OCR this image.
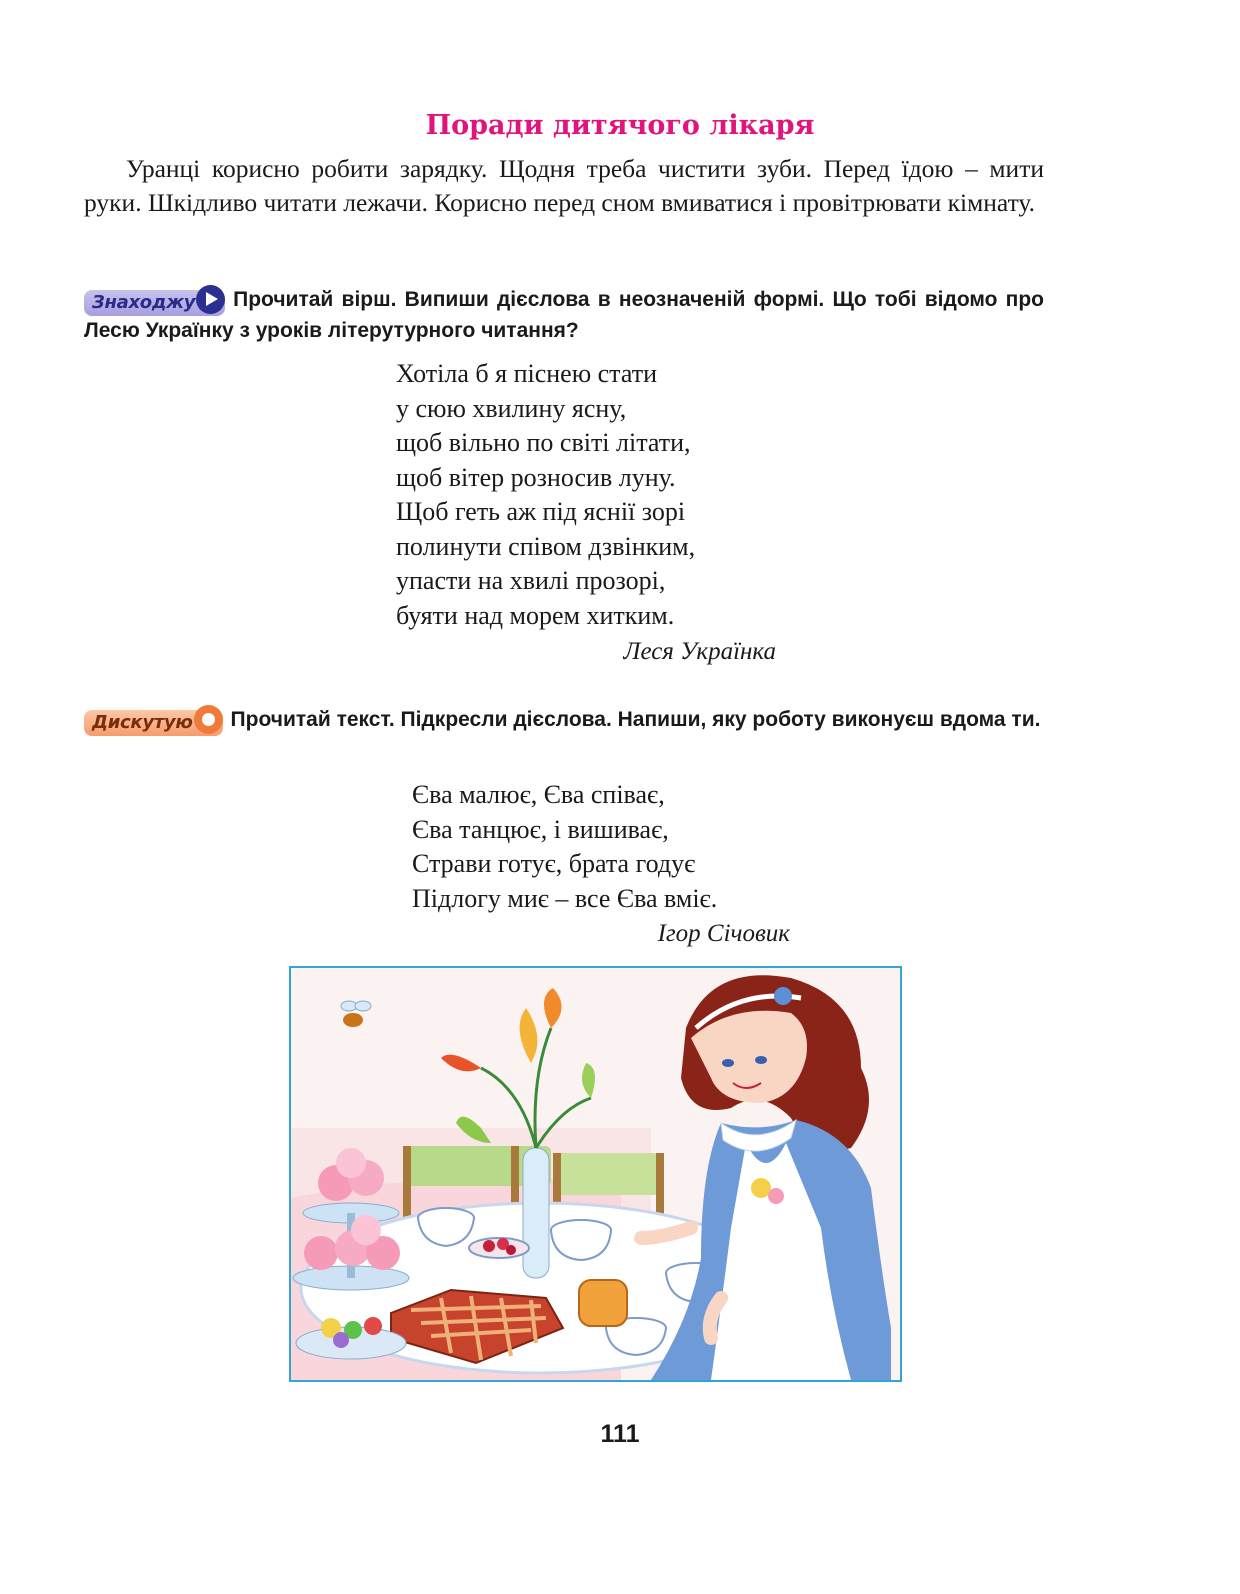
Поради дитячого лікаря

Уранці корисно робити зарядку. Щодня треба чистити зуби. Перед їдою – мити руки. Шкідливо читати лежачи. Корисно перед сном вмиватися і провітрювати кімнату.

Знаходжу Прочитай вірш. Випиши дієслова в неозначеній формі. Що тобі відомо про Лесю Українку з уроків літерутурного читання?
Хотіла б я піснею стати
у сюю хвилину ясну,
щоб вільно по світі літати,
щоб вітер розносив луну.
Щоб геть аж під яснії зорі
полинути співом дзвінким,
упасти на хвилі прозорі,
буяти над морем хитким.
Леся Українка
Дискутую Прочитай текст. Підкресли дієслова. Напиши, яку роботу виконуєш вдома ти.
Єва малює, Єва співає,
Єва танцює, і вишиває,
Страви готує, брата годує
Підлогу миє – все Єва вміє.
Ігор Січовик
111
